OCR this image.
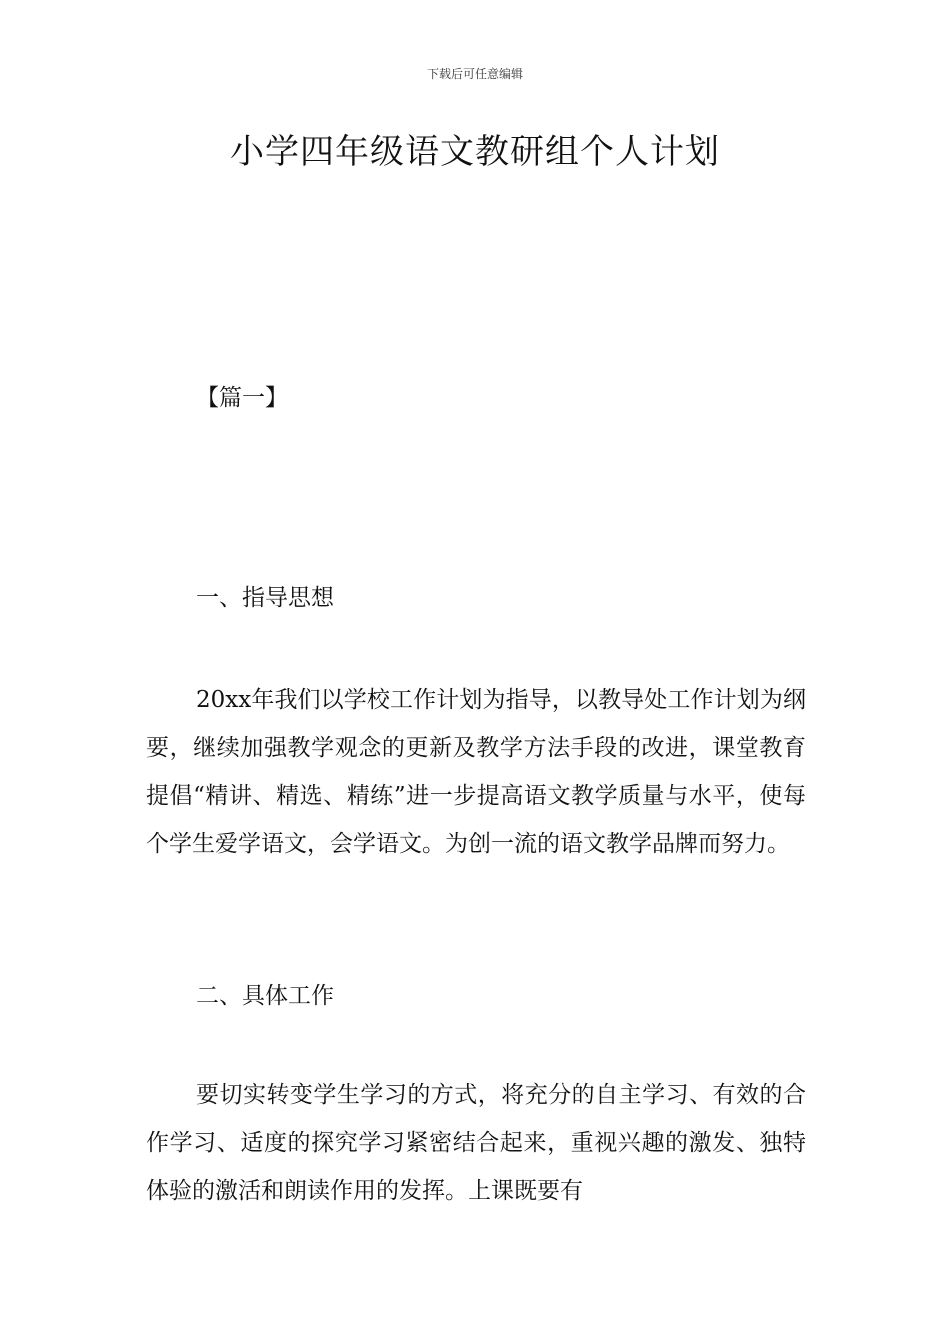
下载后可任意编辑
小学四年级语文教研组个人计划
【篇一】
一、指导思想

20xx年我们以学校工作计划为指导，以教导处工作计划为纲要，继续加强教学观念的更新及教学方法手段的改进，课堂教育提倡“精讲、精选、精练”进一步提高语文教学质量与水平，使每个学生爱学语文，会学语文。为创一流的语文教学品牌而努力。

二、具体工作

要切实转变学生学习的方式，将充分的自主学习、有效的合作学习、适度的探究学习紧密结合起来，重视兴趣的激发、独特体验的激活和朗读作用的发挥。上课既要有
